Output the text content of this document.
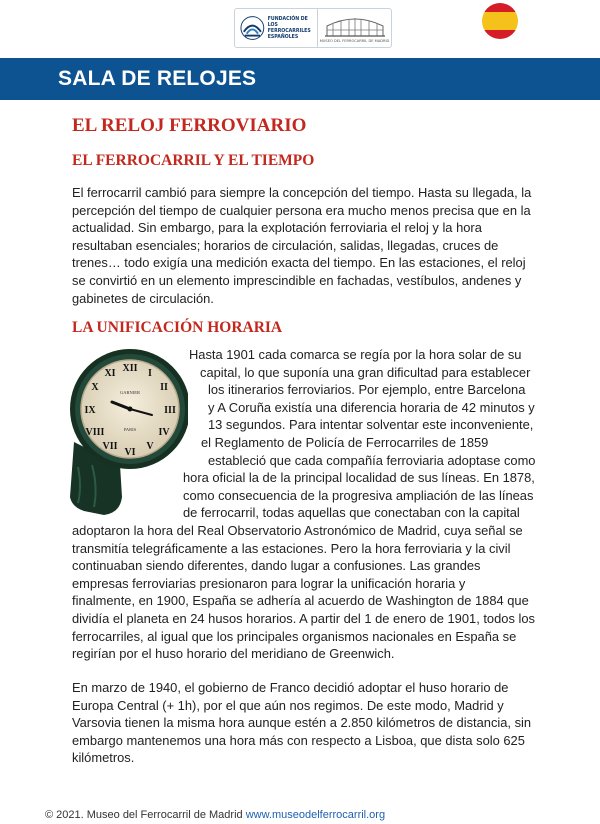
FUNDACIÓN DE LOS
FERROCARRILES
ESPAÑOLES
MUSEO DEL FERROCARRIL DE MADRID
SALA DE RELOJES
EL RELOJ FERROVIARIO
EL FERROCARRIL Y EL TIEMPO
El ferrocarril cambió para siempre la concepción del tiempo. Hasta su llegada, la
percepción del tiempo de cualquier persona era mucho menos precisa que en la
actualidad. Sin embargo, para la explotación ferroviaria el reloj y la hora
resultaban esenciales; horarios de circulación, salidas, llegadas, cruces de
trenes… todo exigía una medición exacta del tiempo. En las estaciones, el reloj
se convirtió en un elemento imprescindible en fachadas, vestíbulos, andenes y
gabinetes de circulación.
LA UNIFICACIÓN HORARIA
XII I
II
III
IV
V
VI
VII
VIII
IX
X
XI
GARNIER
PARIS
Hasta 1901 cada comarca se regía por la hora solar de su
capital, lo que suponía una gran dificultad para establecer
los itinerarios ferroviarios. Por ejemplo, entre Barcelona
y A Coruña existía una diferencia horaria de 42 minutos y
13 segundos. Para intentar solventar este inconveniente,
el Reglamento de Policía de Ferrocarriles de 1859
estableció que cada compañía ferroviaria adoptase como
hora oficial la de la principal localidad de sus líneas. En 1878,
como consecuencia de la progresiva ampliación de las líneas
de ferrocarril, todas aquellas que conectaban con la capital
adoptaron la hora del Real Observatorio Astronómico de Madrid, cuya señal se
transmitía telegráficamente a las estaciones. Pero la hora ferroviaria y la civil
continuaban siendo diferentes, dando lugar a confusiones. Las grandes
empresas ferroviarias presionaron para lograr la unificación horaria y
finalmente, en 1900, España se adhería al acuerdo de Washington de 1884 que
dividía el planeta en 24 husos horarios. A partir del 1 de enero de 1901, todos los
ferrocarriles, al igual que los principales organismos nacionales en España se
regirían por el huso horario del meridiano de Greenwich.
En marzo de 1940, el gobierno de Franco decidió adoptar el huso horario de
Europa Central (+ 1h), por el que aún nos regimos. De este modo, Madrid y
Varsovia tienen la misma hora aunque estén a 2.850 kilómetros de distancia, sin
embargo mantenemos una hora más con respecto a Lisboa, que dista solo 625
kilómetros.
© 2021. Museo del Ferrocarril de Madrid www.museodelferrocarril.org
